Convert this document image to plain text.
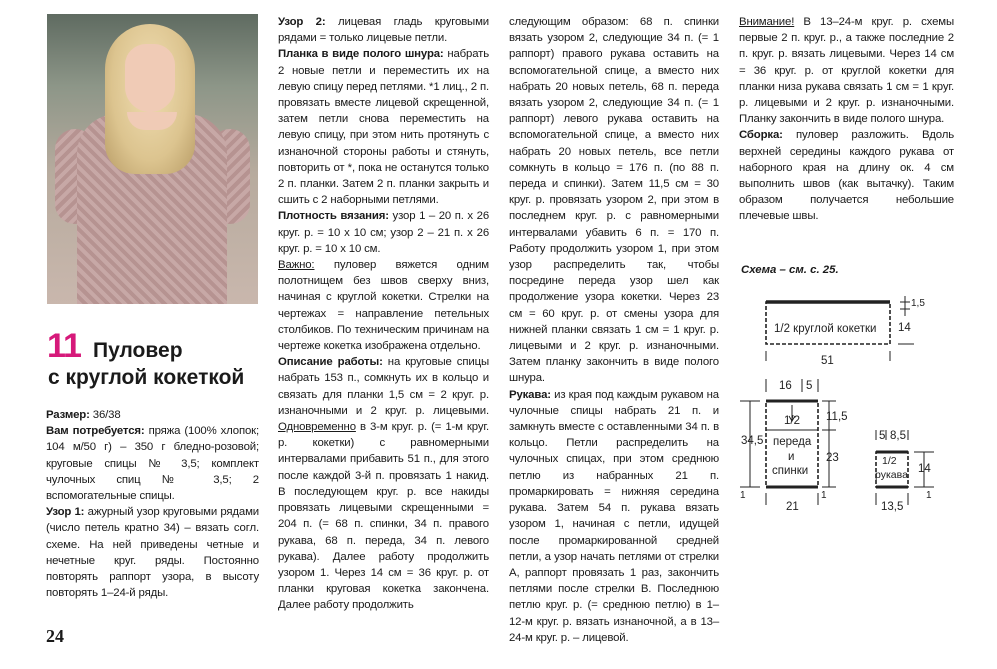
11 Пуловер
с круглой кокеткой

Размер: 36/38

Вам потребуется: пряжа (100% хлопок; 104 м/50 г) – 350 г бледно-розовой; круговые спицы № 3,5; комплект чулочных спиц № 3,5; 2 вспомогательные спицы.

Узор 1: ажурный узор круговыми рядами (число петель кратно 34) – вязать согл. схеме. На ней приведены четные и нечетные круг. ряды. Постоянно повторять раппорт узора, в высоту повторять 1–24-й ряды.

Узор 2: лицевая гладь круговыми рядами = только лицевые петли.

Планка в виде полого шнура: набрать 2 новые петли и переместить их на левую спицу перед петлями. *1 лиц., 2 п. провязать вместе лицевой скрещенной, затем петли снова переместить на левую спицу, при этом нить протянуть с изнаночной стороны работы и стянуть, повторить от *, пока не останутся только 2 п. планки. Затем 2 п. планки закрыть и сшить с 2 наборными петлями.

Плотность вязания: узор 1 – 20 п. х 26 круг. р. = 10 х 10 см; узор 2 – 21 п. х 26 круг. р. = 10 х 10 см.

Важно: пуловер вяжется одним полотнищем без швов сверху вниз, начиная с круглой кокетки. Стрелки на чертежах = направление петельных столбиков. По техническим причинам на чертеже кокетка изображена отдельно.

Описание работы: на круговые спицы набрать 153 п., сомкнуть их в кольцо и связать для планки 1,5 см = 2 круг. р. изнаночными и 2 круг. р. лицевыми. Одновременно в 3-м круг. р. (= 1-м круг. р. кокетки) с равномерными интервалами прибавить 51 п., для этого после каждой 3-й п. провязать 1 накид. В последующем круг. р. все накиды провязать лицевыми скрещенными = 204 п. (= 68 п. спинки, 34 п. правого рукава, 68 п. переда, 34 п. левого рукава). Далее работу продолжить узором 1. Через 14 см = 36 круг. р. от планки круговая кокетка закончена. Далее работу продолжить

следующим образом: 68 п. спинки вязать узором 2, следующие 34 п. (= 1 раппорт) правого рукава оставить на вспомогательной спице, а вместо них набрать 20 новых петель, 68 п. переда вязать узором 2, следующие 34 п. (= 1 раппорт) левого рукава оставить на вспомогательной спице, а вместо них набрать 20 новых петель, все петли сомкнуть в кольцо = 176 п. (по 88 п. переда и спинки). Затем 11,5 см = 30 круг. р. провязать узором 2, при этом в последнем круг. р. с равномерными интервалами убавить 6 п. = 170 п. Работу продолжить узором 1, при этом узор распределить так, чтобы посредине переда узор шел как продолжение узора кокетки. Через 23 см = 60 круг. р. от смены узора для нижней планки связать 1 см = 1 круг. р. лицевыми и 2 круг. р. изнаночными. Затем планку закончить в виде полого шнура.

Рукава: из края под каждым рукавом на чулочные спицы набрать 21 п. и замкнуть вместе с оставленными 34 п. в кольцо. Петли распределить на чулочных спицах, при этом среднюю петлю из набранных 21 п. промаркировать = нижняя середина рукава. Затем 54 п. рукава вязать узором 1, начиная с петли, идущей после промаркированной средней петли, а узор начать петлями от стрелки А, раппорт провязать 1 раз, закончить петлями после стрелки В. Последнюю петлю круг. р. (= среднюю петлю) в 1–12-м круг. р. вязать изнаночной, а в 13–24-м круг. р. – лицевой.

Внимание! В 13–24-м круг. р. схемы первые 2 п. круг. р., а также последние 2 п. круг. р. вязать лицевыми. Через 14 см = 36 круг. р. от круглой кокетки для планки низа рукава связать 1 см = 1 круг. р. лицевыми и 2 круг. р. изнаночными. Планку закончить в виде полого шнура.

Сборка: пуловер разложить. Вдоль верхней середины каждого рукава от наборного края на длину ок. 4 см выполнить швов (как вытачку). Таким образом получается небольшие плечевые швы.

Схема – см. с. 25.
1/2 круглой кокетки
1,5
14
51
16 5
1/2
переда
и
спинки
11,5
23
34,5
1	1
21
5 8,5
1/2
рукава 14
1
13,5
24
